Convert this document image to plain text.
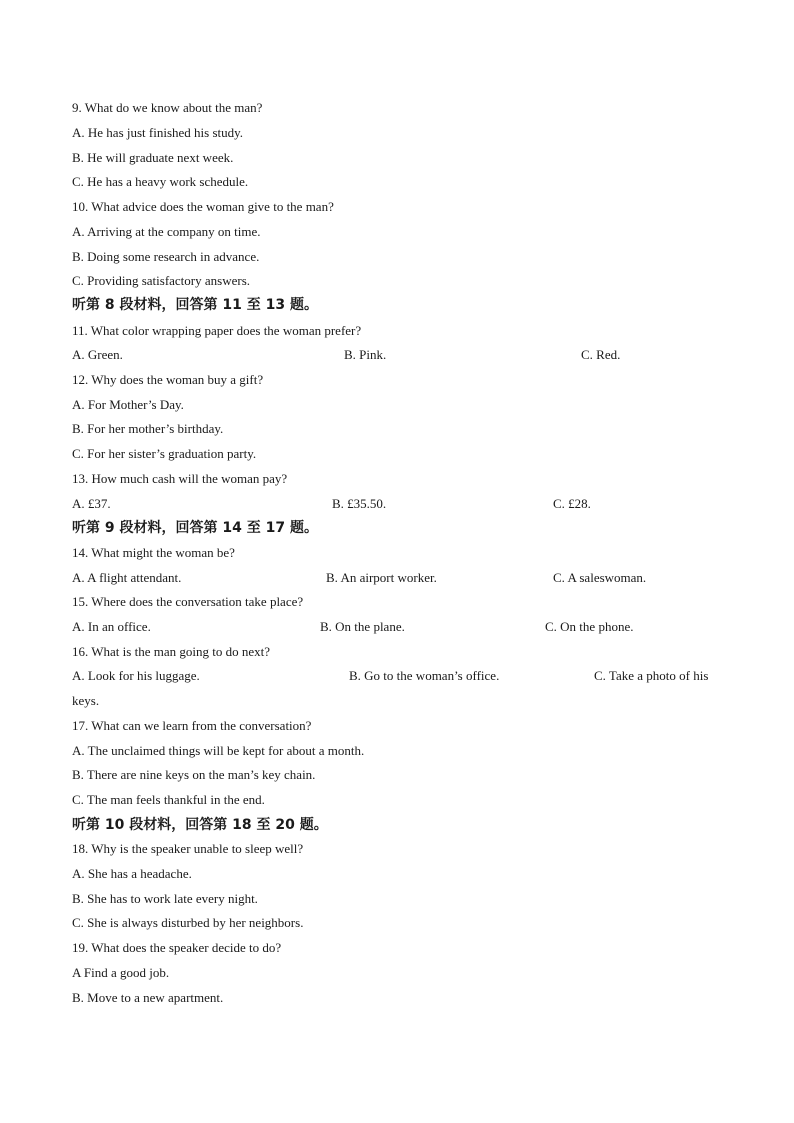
9. What do we know about the man?
A. He has just finished his study.
B. He will graduate next week.
C. He has a heavy work schedule.
10. What advice does the woman give to the man?
A. Arriving at the company on time.
B. Doing some research in advance.
C. Providing satisfactory answers.
听第 8 段材料，回答第 11 至 13 题。
11. What color wrapping paper does the woman prefer?
A. Green.	B. Pink.	C. Red.
12. Why does the woman buy a gift?
A. For Mother’s Day.
B. For her mother’s birthday.
C. For her sister’s graduation party.
13. How much cash will the woman pay?
A. £37.	B. £35.50.	C. £28.
听第 9 段材料，回答第 14 至 17 题。
14. What might the woman be?
A. A flight attendant.	B. An airport worker.	C. A saleswoman.
15. Where does the conversation take place?
A. In an office.	B. On the plane.	C. On the phone.
16. What is the man going to do next?
A. Look for his luggage.	B. Go to the woman’s office.	C. Take a photo of his
keys.
17. What can we learn from the conversation?
A. The unclaimed things will be kept for about a month.
B. There are nine keys on the man’s key chain.
C. The man feels thankful in the end.
听第 10 段材料，回答第 18 至 20 题。
18. Why is the speaker unable to sleep well?
A. She has a headache.
B. She has to work late every night.
C. She is always disturbed by her neighbors.
19. What does the speaker decide to do?
A Find a good job.
B. Move to a new apartment.
